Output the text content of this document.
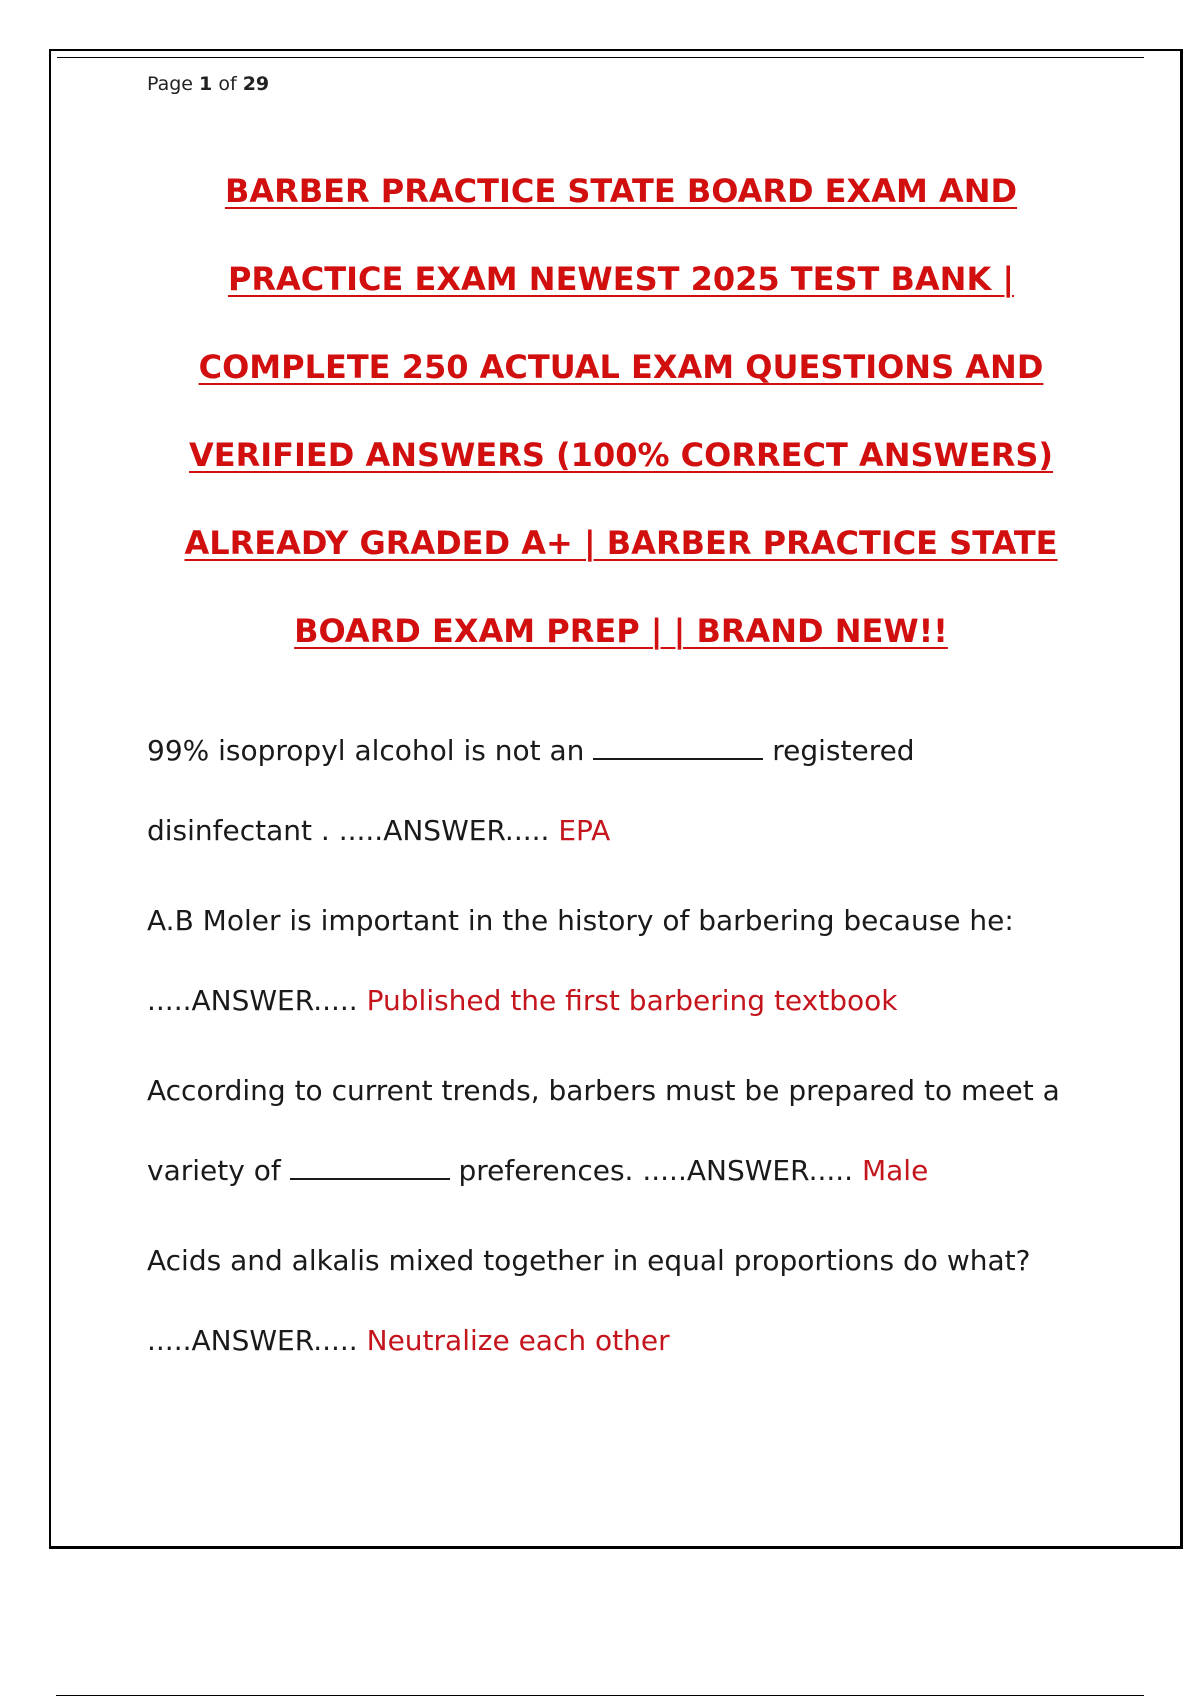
Page 1 of 29
BARBER PRACTICE STATE BOARD EXAM AND
PRACTICE EXAM NEWEST 2025 TEST BANK |
COMPLETE 250 ACTUAL EXAM QUESTIONS AND
VERIFIED ANSWERS (100% CORRECT ANSWERS)
ALREADY GRADED A+ | BARBER PRACTICE STATE
BOARD EXAM PREP | | BRAND NEW!!
99% isopropyl alcohol is not an	registered
disinfectant . .....ANSWER..... EPA
A.B Moler is important in the history of barbering because he:
.....ANSWER..... Published the first barbering textbook
According to current trends, barbers must be prepared to meet a
variety of	preferences. .....ANSWER..... Male
Acids and alkalis mixed together in equal proportions do what?
.....ANSWER..... Neutralize each other
